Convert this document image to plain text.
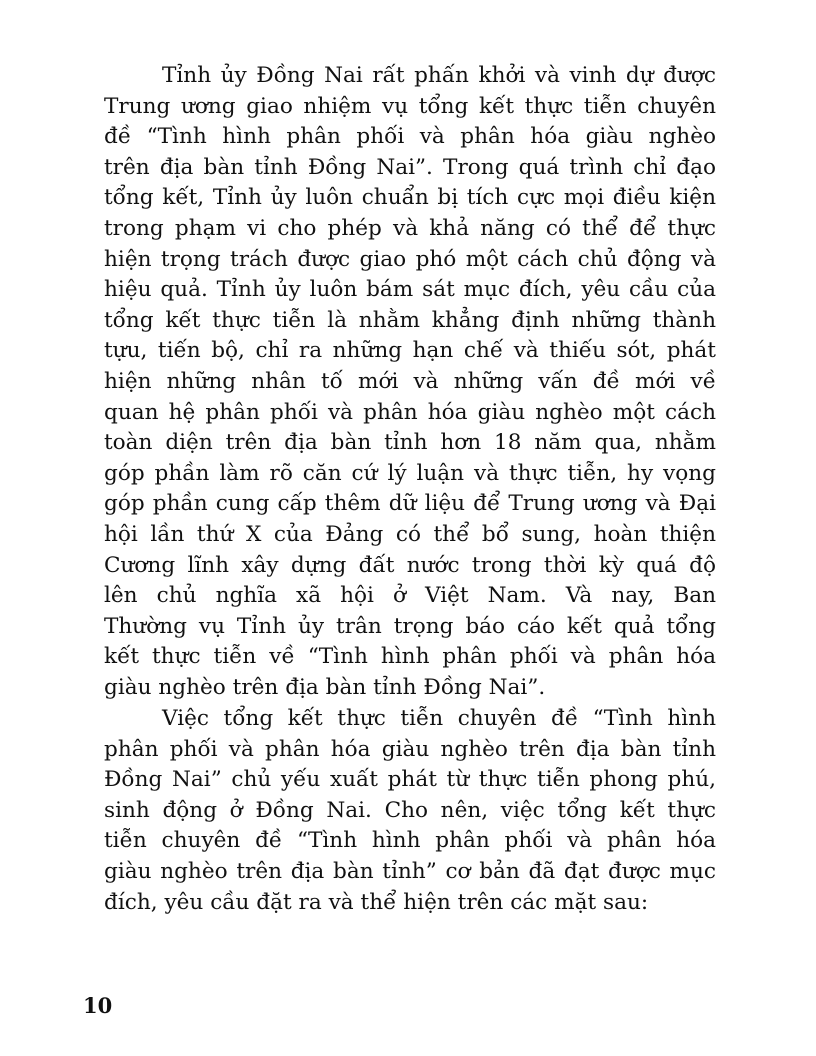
Tỉnh ủy Đồng Nai rất phấn khởi và vinh dự được
Trung ương giao nhiệm vụ tổng kết thực tiễn chuyên
đề “Tình hình phân phối và phân hóa giàu nghèo
trên địa bàn tỉnh Đồng Nai”. Trong quá trình chỉ đạo
tổng kết, Tỉnh ủy luôn chuẩn bị tích cực mọi điều kiện
trong phạm vi cho phép và khả năng có thể để thực
hiện trọng trách được giao phó một cách chủ động và
hiệu quả. Tỉnh ủy luôn bám sát mục đích, yêu cầu của
tổng kết thực tiễn là nhằm khẳng định những thành
tựu, tiến bộ, chỉ ra những hạn chế và thiếu sót, phát
hiện những nhân tố mới và những vấn đề mới về
quan hệ phân phối và phân hóa giàu nghèo một cách
toàn diện trên địa bàn tỉnh hơn 18 năm qua, nhằm
góp phần làm rõ căn cứ lý luận và thực tiễn, hy vọng
góp phần cung cấp thêm dữ liệu để Trung ương và Đại
hội lần thứ X của Đảng có thể bổ sung, hoàn thiện
Cương lĩnh xây dựng đất nước trong thời kỳ quá độ
lên chủ nghĩa xã hội ở Việt Nam. Và nay, Ban
Thường vụ Tỉnh ủy trân trọng báo cáo kết quả tổng
kết thực tiễn về “Tình hình phân phối và phân hóa
giàu nghèo trên địa bàn tỉnh Đồng Nai”.
Việc tổng kết thực tiễn chuyên đề “Tình hình
phân phối và phân hóa giàu nghèo trên địa bàn tỉnh
Đồng Nai” chủ yếu xuất phát từ thực tiễn phong phú,
sinh động ở Đồng Nai. Cho nên, việc tổng kết thực
tiễn chuyên đề “Tình hình phân phối và phân hóa
giàu nghèo trên địa bàn tỉnh” cơ bản đã đạt được mục
đích, yêu cầu đặt ra và thể hiện trên các mặt sau:
10
